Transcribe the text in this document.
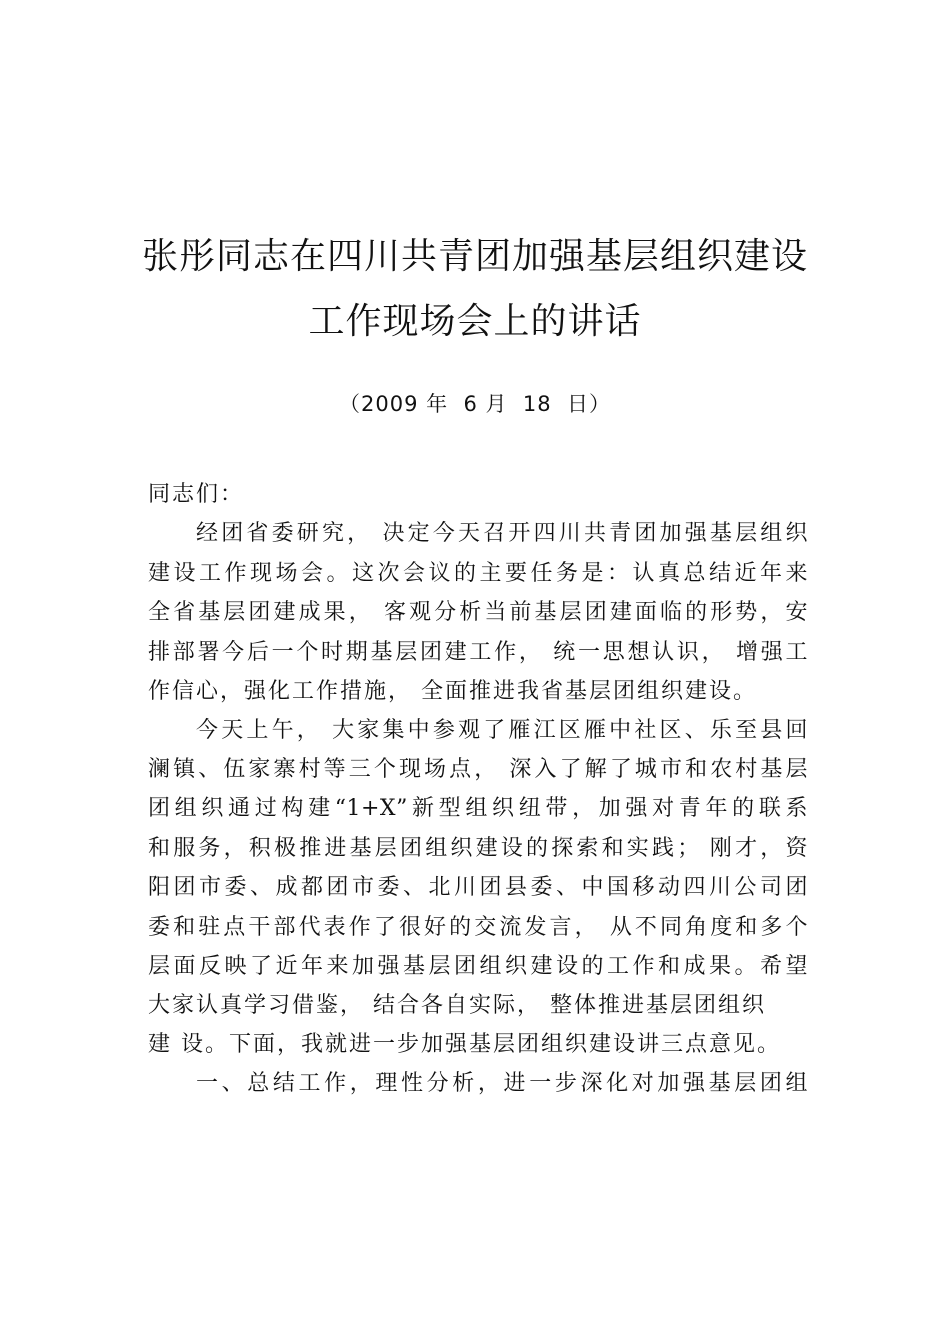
张彤同志在四川共青团加强基层组织建设
工作现场会上的讲话
（2009 年  6 月  18  日）
同志们：
经团省委研究， 决定今天召开四川共青团加强基层组织
建设工作现场会。这次会议的主要任务是：认真总结近年来
全省基层团建成果， 客观分析当前基层团建面临的形势，安
排部署今后一个时期基层团建工作， 统一思想认识， 增强工
作信心，强化工作措施， 全面推进我省基层团组织建设。
今天上午， 大家集中参观了雁江区雁中社区、乐至县回
澜镇、伍家寨村等三个现场点， 深入了解了城市和农村基层
团组织通过构建“1+X”新型组织纽带，加强对青年的联系
和服务，积极推进基层团组织建设的探索和实践； 刚才，资
阳团市委、成都团市委、北川团县委、中国移动四川公司团
委和驻点干部代表作了很好的交流发言， 从不同角度和多个
层面反映了近年来加强基层团组织建设的工作和成果。希望
大家认真学习借鉴， 结合各自实际， 整体推进基层团组织
建 设。下面，我就进一步加强基层团组织建设讲三点意见。
一、总结工作，理性分析，进一步深化对加强基层团组
